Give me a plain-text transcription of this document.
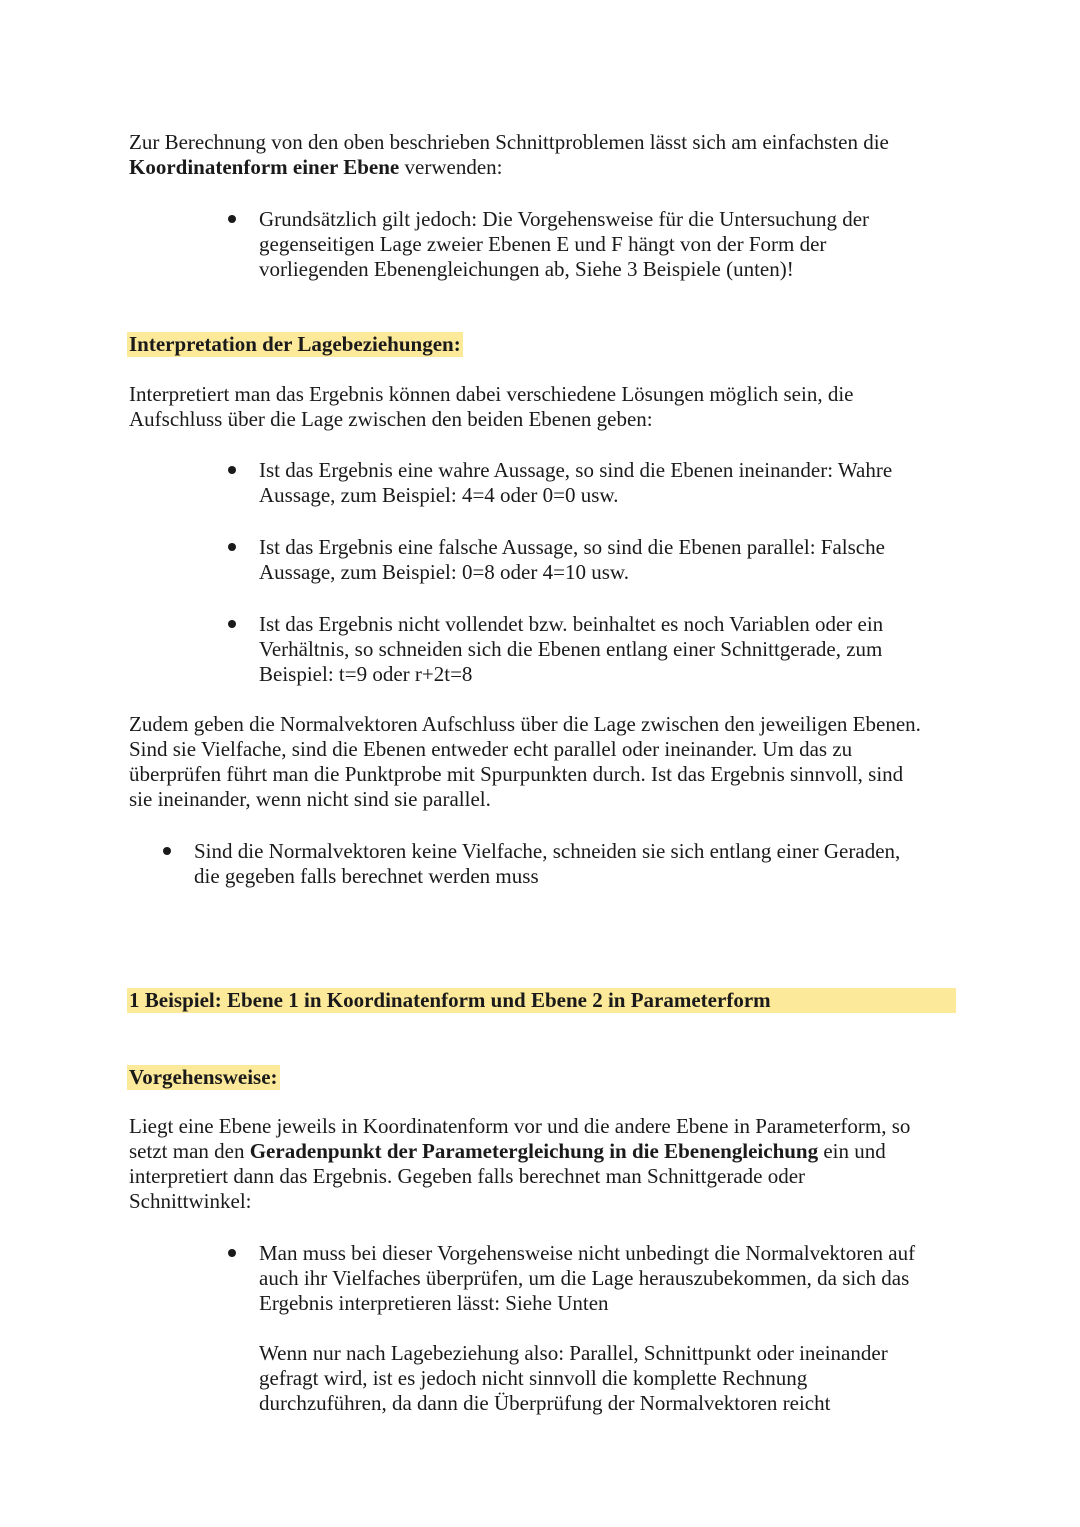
Zur Berechnung von den oben beschrieben Schnittproblemen lässt sich am einfachsten die
Koordinatenform einer Ebene verwenden:
Grundsätzlich gilt jedoch: Die Vorgehensweise für die Untersuchung der
gegenseitigen Lage zweier Ebenen E und F hängt von der Form der
vorliegenden Ebenengleichungen ab, Siehe 3 Beispiele (unten)!
Interpretation der Lagebeziehungen:
Interpretiert man das Ergebnis können dabei verschiedene Lösungen möglich sein, die
Aufschluss über die Lage zwischen den beiden Ebenen geben:
Ist das Ergebnis eine wahre Aussage, so sind die Ebenen ineinander: Wahre
Aussage, zum Beispiel: 4=4 oder 0=0 usw.
Ist das Ergebnis eine falsche Aussage, so sind die Ebenen parallel: Falsche
Aussage, zum Beispiel: 0=8 oder 4=10 usw.
Ist das Ergebnis nicht vollendet bzw. beinhaltet es noch Variablen oder ein
Verhältnis, so schneiden sich die Ebenen entlang einer Schnittgerade, zum
Beispiel: t=9 oder r+2t=8
Zudem geben die Normalvektoren Aufschluss über die Lage zwischen den jeweiligen Ebenen.
Sind sie Vielfache, sind die Ebenen entweder echt parallel oder ineinander. Um das zu
überprüfen führt man die Punktprobe mit Spurpunkten durch. Ist das Ergebnis sinnvoll, sind
sie ineinander, wenn nicht sind sie parallel.
Sind die Normalvektoren keine Vielfache, schneiden sie sich entlang einer Geraden,
die gegeben falls berechnet werden muss
1 Beispiel: Ebene 1 in Koordinatenform und Ebene 2 in Parameterform
Vorgehensweise:
Liegt eine Ebene jeweils in Koordinatenform vor und die andere Ebene in Parameterform, so
setzt man den Geradenpunkt der Parametergleichung in die Ebenengleichung ein und
interpretiert dann das Ergebnis. Gegeben falls berechnet man Schnittgerade oder
Schnittwinkel:
Man muss bei dieser Vorgehensweise nicht unbedingt die Normalvektoren auf
auch ihr Vielfaches überprüfen, um die Lage herauszubekommen, da sich das
Ergebnis interpretieren lässt: Siehe Unten
Wenn nur nach Lagebeziehung also: Parallel, Schnittpunkt oder ineinander
gefragt wird, ist es jedoch nicht sinnvoll die komplette Rechnung
durchzuführen, da dann die Überprüfung der Normalvektoren reicht
